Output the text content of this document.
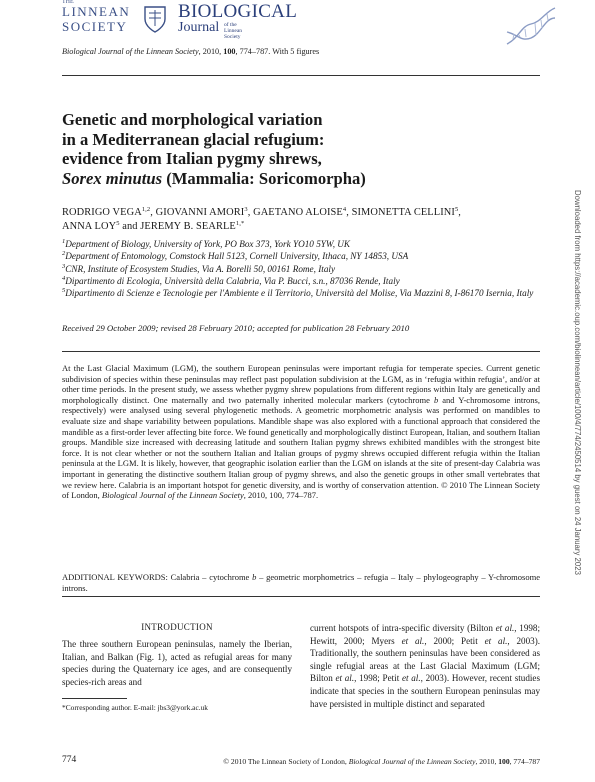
THE
LINNEAN
SOCIETY
BIOLOGICAL
Journal of the
Linnean
Society
Biological Journal of the Linnean Society, 2010, 100, 774–787. With 5 figures
Genetic and morphological variation
in a Mediterranean glacial refugium:
evidence from Italian pygmy shrews,
Sorex minutus (Mammalia: Soricomorpha)
RODRIGO VEGA$^{1,2}$, GIOVANNI AMORI$^3$, GAETANO ALOISE$^4$, SIMONETTA CELLINI$^5$,
ANNA LOY$^5$ and JEREMY B. $SEARLE^{1,*}$
$^1$Department of Biology, University of York, PO Box 373, York YO10 5YW, UK
$^2$Department of Entomology, Comstock Hall 5123, Cornell University, Ithaca, NY 14853, USA
$^3$CNR, Institute of Ecosystem Studies, Via A. Borelli 50, 00161 Rome, Italy
$^4$Dipartimento di Ecologia, Università della Calabria, Via P. Bucci, s.n., 87036 Rende, Italy
$^5$Dipartimento di Scienze e Tecnologie per l'Ambiente e il Territorio, Università del Molise, Via Mazzini 8, I-86170 Isernia, Italy
Received 29 October 2009; revised 28 February 2010; accepted for publication 28 February 2010
At the Last Glacial Maximum (LGM), the southern European peninsulas were important refugia for temperate species. Current genetic subdivision of species within these peninsulas may reflect past population subdivision at the LGM, as in ‘refugia within refugia’, and/or at other time periods. In the present study, we assess whether pygmy shrew populations from different regions within Italy are genetically and morphologically distinct. One maternally and two paternally inherited molecular markers (cytochrome b and Y-chromosome introns, respectively) were analysed using several phylogenetic methods. A geometric morphometric analysis was performed on mandibles to evaluate size and shape variability between populations. Mandible shape was also explored with a functional approach that considered the mandible as a first-order lever affecting bite force. We found genetically and morphologically distinct European, Italian, and southern Italian groups. Mandible size increased with decreasing latitude and southern Italian pygmy shrews exhibited mandibles with the strongest bite force. It is not clear whether or not the southern Italian and Italian groups of pygmy shrews occupied different refugia within the Italian peninsula at the LGM. It is likely, however, that geographic isolation earlier than the LGM on islands at the site of present-day Calabria was important in generating the distinctive southern Italian group of pygmy shrews, and also the genetic groups in other small vertebrates that we review here. Calabria is an important hotspot for genetic diversity, and is worthy of conservation attention. © 2010 The Linnean Society of London, Biological Journal of the Linnean Society, 2010, 100, 774–787.
ADDITIONAL KEYWORDS: Calabria – cytochrome b – geometric morphometrics – refugia – Italy – phylogeography – Y-chromosome introns.
INTRODUCTION
The three southern European peninsulas, namely the Iberian, Italian, and Balkan (Fig. 1), acted as refugial areas for many species during the Quaternary ice ages, and are consequently species-rich areas and
current hotspots of intra-specific diversity (Bilton et al., 1998; Hewitt, 2000; Myers et al., 2000; Petit et al., 2003). Traditionally, the southern peninsulas have been considered as single refugial areas at the Last Glacial Maximum (LGM; Bilton et al., 1998; Petit et al., 2003). However, recent studies indicate that species in the southern European peninsulas may have persisted in multiple distinct and separated
*Corresponding author. E-mail: jbs3@york.ac.uk
774	© 2010 The Linnean Society of London, Biological Journal of the Linnean Society, 2010, 100, 774–787
Downloaded from https://academic.oup.com/biolinnean/article/100/4/774/2450514 by guest on 24 January 2023
